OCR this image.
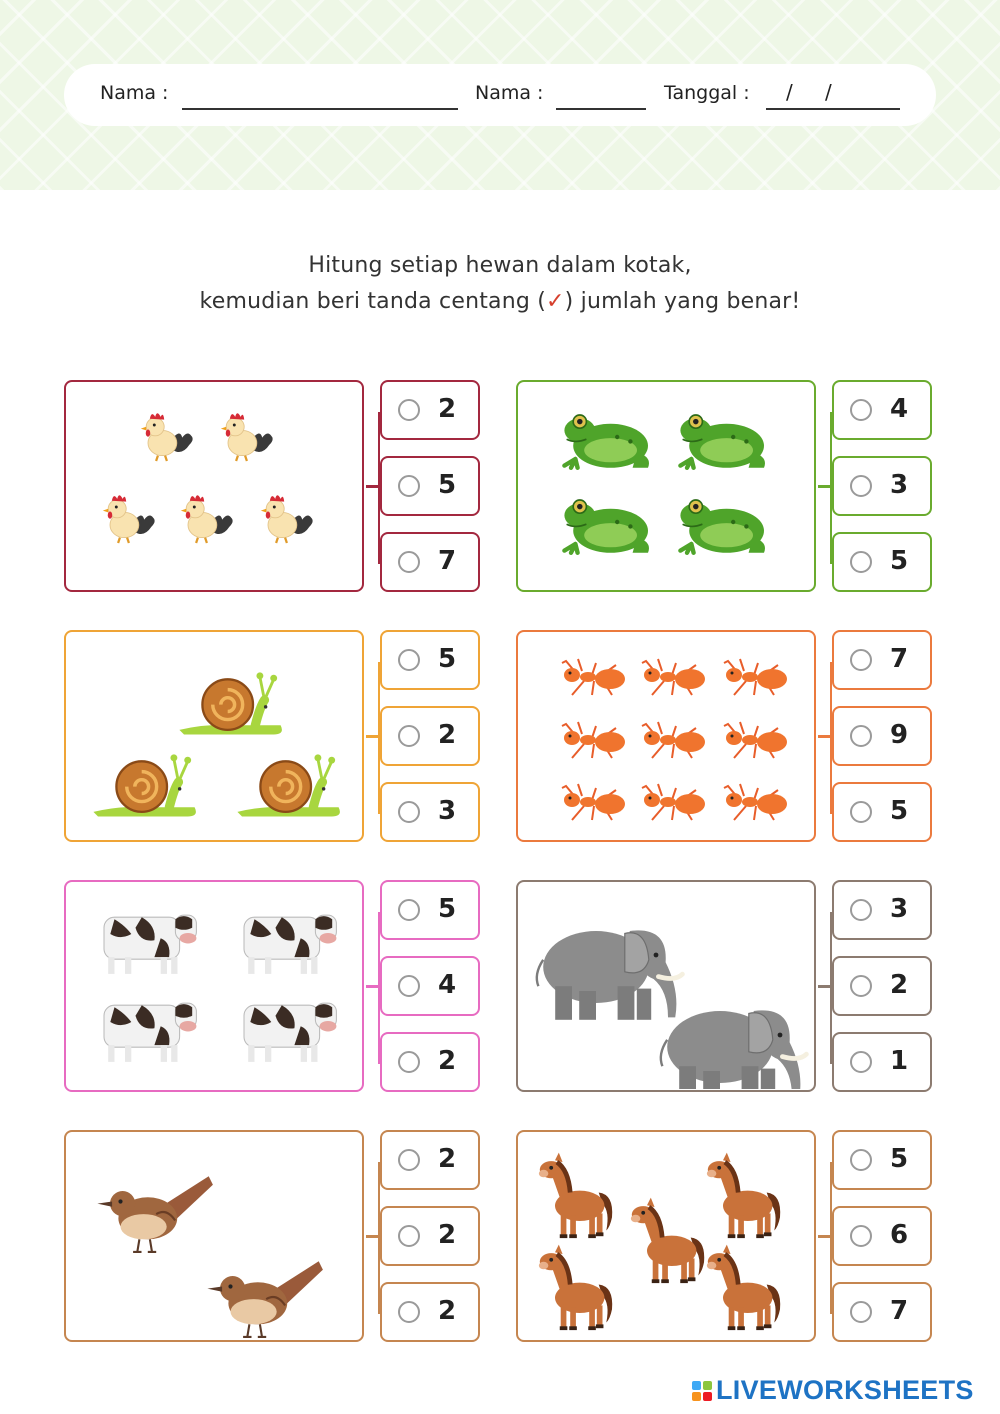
Nama :	Nama :	Tanggal : / /
Hitung setiap hewan dalam kotak,
kemudian beri tanda centang (✓) jumlah yang benar!
2
5
7
4
3
5
5
2
3
7
9
5
5
4
2
3
2
1
2
2
2
5
6
7
LIVEWORKSHEETS
